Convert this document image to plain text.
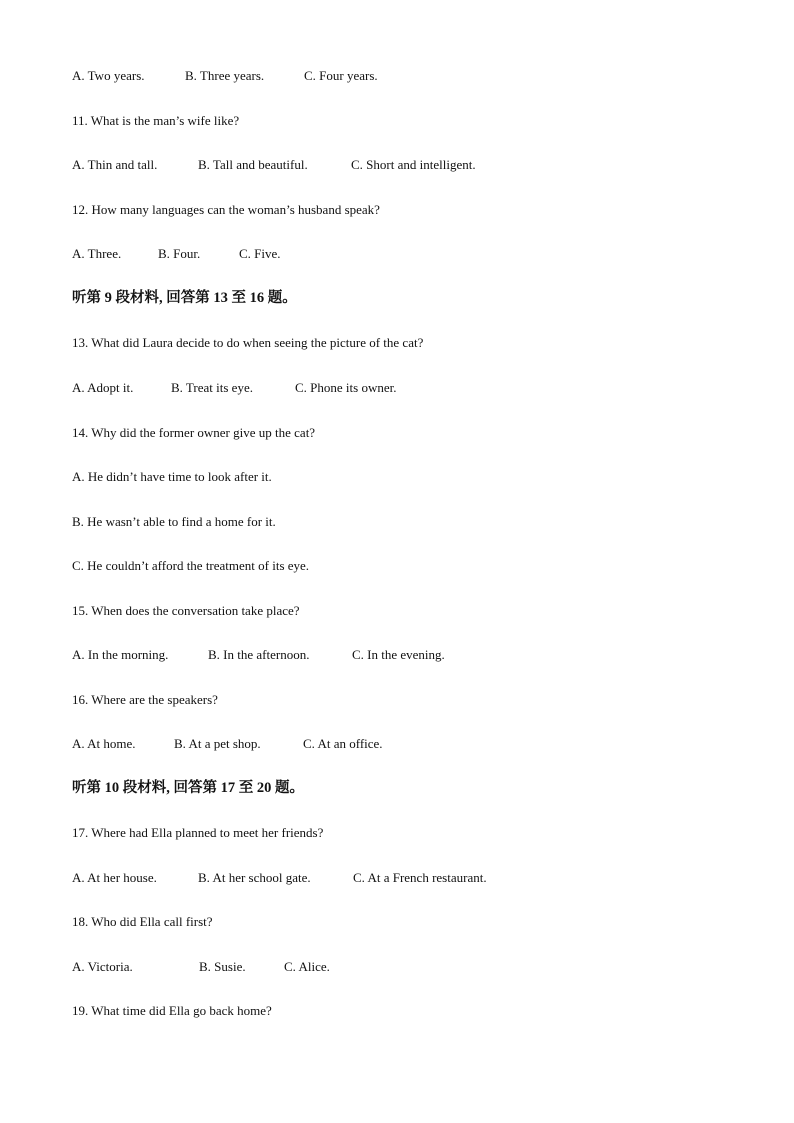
A. Two years.	B. Three years.	C. Four years.
11. What is the man’s wife like?
A. Thin and tall.	B. Tall and beautiful.	C. Short and intelligent.
12. How many languages can the woman’s husband speak?
A. Three.	B. Four.	C. Five.
听第 9 段材料, 回答第 13 至 16 题。
13. What did Laura decide to do when seeing the picture of the cat?
A. Adopt it.	B. Treat its eye.	C. Phone its owner.
14. Why did the former owner give up the cat?
A. He didn’t have time to look after it.
B. He wasn’t able to find a home for it.
C. He couldn’t afford the treatment of its eye.
15. When does the conversation take place?
A. In the morning.	B. In the afternoon.	C. In the evening.
16. Where are the speakers?
A. At home.	B. At a pet shop.	C. At an office.
听第 10 段材料, 回答第 17 至 20 题。
17. Where had Ella planned to meet her friends?
A. At her house.	B. At her school gate.	C. At a French restaurant.
18. Who did Ella call first?
A. Victoria.	B. Susie.	C. Alice.
19. What time did Ella go back home?
